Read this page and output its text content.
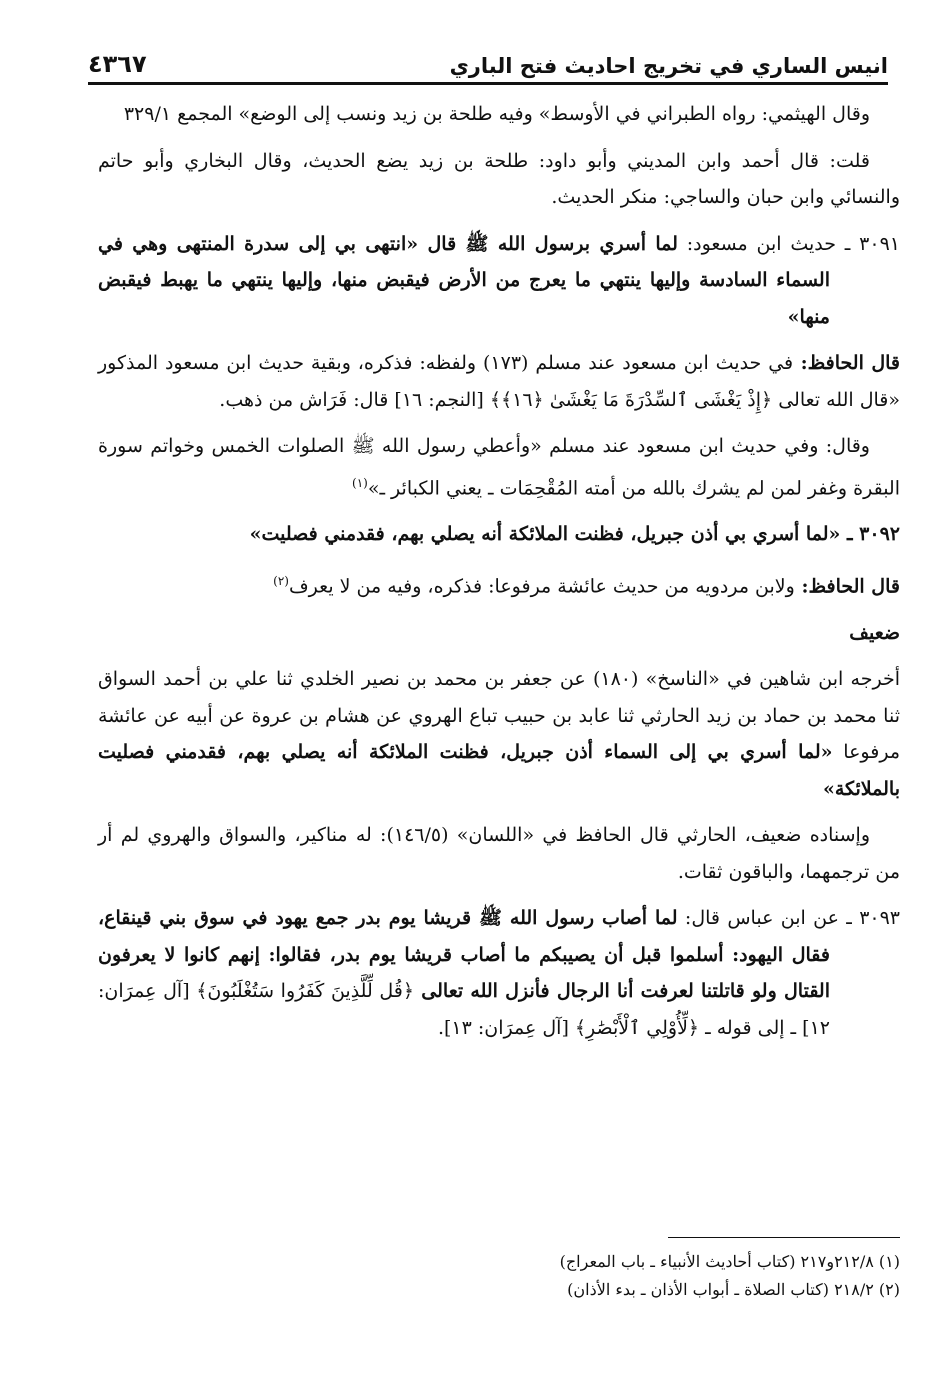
انيس الساري في تخريج احاديث فتح الباري
٤٣٦٧

وقال الهيثمي: رواه الطبراني في الأوسط» وفيه طلحة بن زيد ونسب إلى الوضع» المجمع ٣٢٩/١

قلت: قال أحمد وابن المديني وأبو داود: طلحة بن زيد يضع الحديث، وقال البخاري وأبو حاتم والنسائي وابن حبان والساجي: منكر الحديث.

٣٠٩١ ـ حديث ابن مسعود: لما أسري برسول الله ﷺ قال «انتهى بي إلى سدرة المنتهى وهي في السماء السادسة وإليها ينتهي ما يعرج من الأرض فيقبض منها، وإليها ينتهي ما يهبط فيقبض منها»

قال الحافظ: في حديث ابن مسعود عند مسلم (١٧٣) ولفظه: فذكره، وبقية حديث ابن مسعود المذكور «قال الله تعالى ﴿إِذْ يَغْشَى ٱلسِّدْرَةَ مَا يَغْشَىٰ ﴿١٦﴾﴾ [النجم: ١٦] قال: فَرَاش من ذهب.

وقال: وفي حديث ابن مسعود عند مسلم «وأعطي رسول الله ﷺ الصلوات الخمس وخواتم سورة البقرة وغفر لمن لم يشرك بالله من أمته المُقْحِمَات ـ يعني الكبائر ـ»$^{(١)}$

٣٠٩٢ ـ «لما أسري بي أذن جبريل، فظنت الملائكة أنه يصلي بهم، فقدمني فصليت»

قال الحافظ: ولابن مردويه من حديث عائشة مرفوعا: فذكره، وفيه من لا يعرف$^{(٢)}$

ضعيف

أخرجه ابن شاهين في «الناسخ» (١٨٠) عن جعفر بن محمد بن نصير الخلدي ثنا علي بن أحمد السواق ثنا محمد بن حماد بن زيد الحارثي ثنا عابد بن حبيب تباع الهروي عن هشام بن عروة عن أبيه عن عائشة مرفوعا «لما أسري بي إلى السماء أذن جبريل، فظنت الملائكة أنه يصلي بهم، فقدمني فصليت بالملائكة»

وإسناده ضعيف، الحارثي قال الحافظ في «اللسان» (١٤٦/٥): له مناكير، والسواق والهروي لم أر من ترجمهما، والباقون ثقات.

٣٠٩٣ ـ عن ابن عباس قال: لما أصاب رسول الله ﷺ قريشا يوم بدر جمع يهود في سوق بني قينقاع، فقال اليهود: أسلموا قبل أن يصيبكم ما أصاب قريشا يوم بدر، فقالوا: إنهم كانوا لا يعرفون القتال ولو قاتلتنا لعرفت أنا الرجال فأنزل الله تعالى ﴿قُل لِّلَّذِينَ كَفَرُوا سَتُغْلَبُونَ﴾ [آل عِمرَان: ١٢] ـ إلى قوله ـ ﴿لِّأُوْلِي ٱلْأَبْصَٰرِ﴾ [آل عِمرَان: ١٣].

(١) ٢١٢/٨و٢١٧ (كتاب أحاديث الأنبياء ـ باب المعراج)
(٢) ٢١٨/٢ (كتاب الصلاة ـ أبواب الأذان ـ بدء الأذان)
